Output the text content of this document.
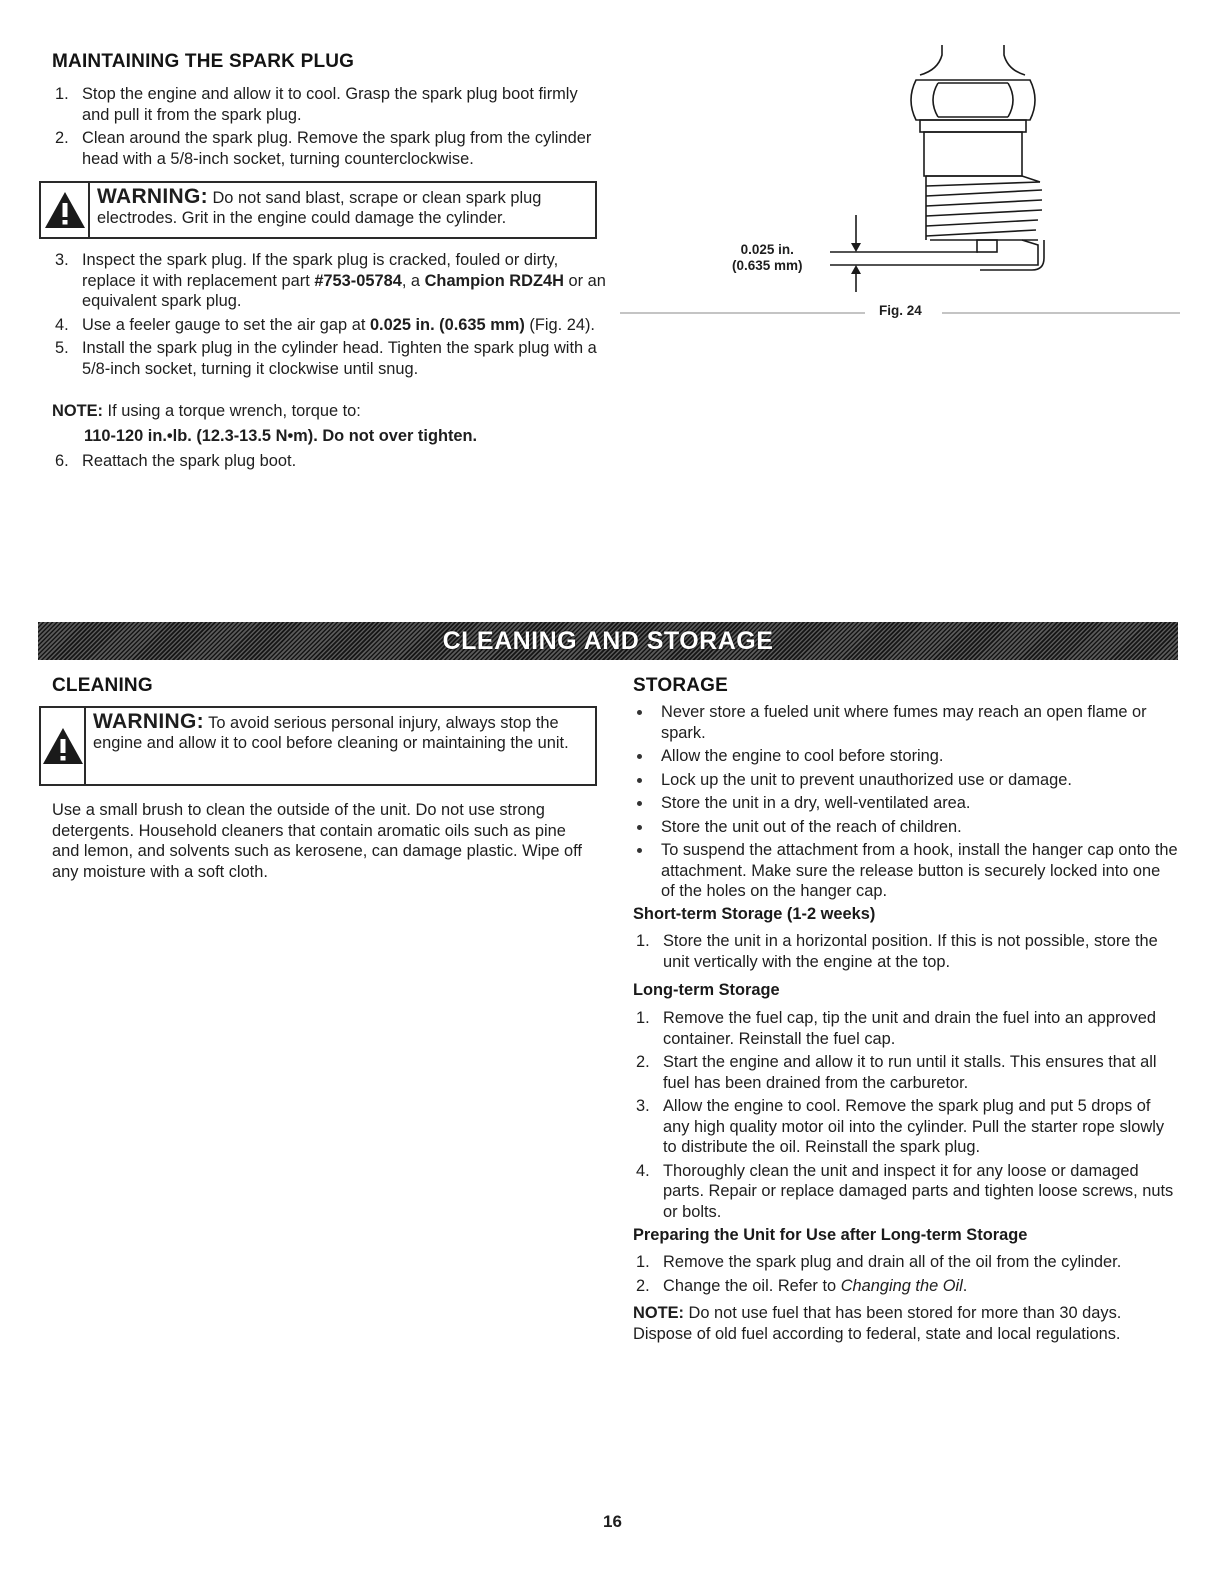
MAINTAINING THE SPARK PLUG
1. Stop the engine and allow it to cool. Grasp the spark plug boot firmly and pull it from the spark plug.
2. Clean around the spark plug. Remove the spark plug from the cylinder head with a 5/8-inch socket, turning counterclockwise.
WARNING: Do not sand blast, scrape or clean spark plug electrodes. Grit in the engine could damage the cylinder.
3. Inspect the spark plug. If the spark plug is cracked, fouled or dirty, replace it with replacement part #753-05784, a Champion RDZ4H or an equivalent spark plug.
4. Use a feeler gauge to set the air gap at 0.025 in. (0.635 mm) (Fig. 24).
5. Install the spark plug in the cylinder head. Tighten the spark plug with a 5/8-inch socket, turning it clockwise until snug.

NOTE: If using a torque wrench, torque to:

110-120 in.•lb. (12.3-13.5 N•m). Do not over tighten.

6. Reattach the spark plug boot.
0.025 in.
(0.635 mm)
Fig. 24
CLEANING AND STORAGE
CLEANING
WARNING: To avoid serious personal injury, always stop the engine and allow it to cool before cleaning or maintaining the unit.

Use a small brush to clean the outside of the unit. Do not use strong detergents. Household cleaners that contain aromatic oils such as pine and lemon, and solvents such as kerosene, can damage plastic. Wipe off any moisture with a soft cloth.

STORAGE
Never store a fueled unit where fumes may reach an open flame or spark.
Allow the engine to cool before storing.
Lock up the unit to prevent unauthorized use or damage.
Store the unit in a dry, well-ventilated area.
Store the unit out of the reach of children.
To suspend the attachment from a hook, install the hanger cap onto the attachment. Make sure the release button is securely locked into one of the holes on the hanger cap.
Short-term Storage (1-2 weeks)
1. Store the unit in a horizontal position. If this is not possible, store the unit vertically with the engine at the top.
Long-term Storage
1. Remove the fuel cap, tip the unit and drain the fuel into an approved container. Reinstall the fuel cap.
2. Start the engine and allow it to run until it stalls. This ensures that all fuel has been drained from the carburetor.
3. Allow the engine to cool. Remove the spark plug and put 5 drops of any high quality motor oil into the cylinder. Pull the starter rope slowly to distribute the oil. Reinstall the spark plug.
4. Thoroughly clean the unit and inspect it for any loose or damaged parts. Repair or replace damaged parts and tighten loose screws, nuts or bolts.
Preparing the Unit for Use after Long-term Storage
1. Remove the spark plug and drain all of the oil from the cylinder.
2. Change the oil. Refer to Changing the Oil.

NOTE: Do not use fuel that has been stored for more than 30 days. Dispose of old fuel according to federal, state and local regulations.

16
